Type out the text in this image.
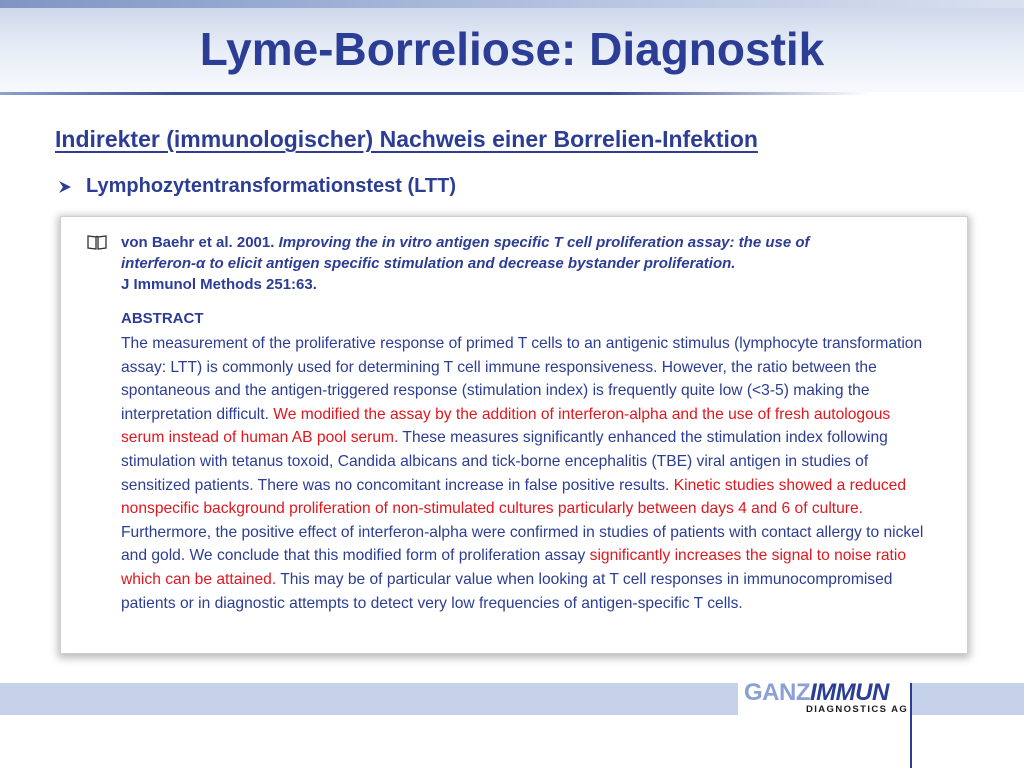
Lyme-Borreliose: Diagnostik
Indirekter (immunologischer) Nachweis einer Borrelien-Infektion
Lymphozytentransformationstest (LTT)
von Baehr et al. 2001. Improving the in vitro antigen specific T cell proliferation assay: the use of
interferon-α to elicit antigen specific stimulation and decrease bystander proliferation.
J Immunol Methods 251:63.
ABSTRACT
The measurement of the proliferative response of primed T cells to an antigenic stimulus (lymphocyte transformation assay: LTT) is commonly used for determining T cell immune responsiveness. However, the ratio between the spontaneous and the antigen-triggered response (stimulation index) is frequently quite low (<3-5) making the interpretation difficult. We modified the assay by the addition of interferon-alpha and the use of fresh autologous serum instead of human AB pool serum. These measures significantly enhanced the stimulation index following stimulation with tetanus toxoid, Candida albicans and tick-borne encephalitis (TBE) viral antigen in studies of sensitized patients. There was no concomitant increase in false positive results. Kinetic studies showed a reduced nonspecific background proliferation of non-stimulated cultures particularly between days 4 and 6 of culture. Furthermore, the positive effect of interferon-alpha were confirmed in studies of patients with contact allergy to nickel and gold. We conclude that this modified form of proliferation assay significantly increases the signal to noise ratio which can be attained. This may be of particular value when looking at T cell responses in immunocompromised patients or in diagnostic attempts to detect very low frequencies of antigen-specific T cells.
GANZIMMUN
DIAGNOSTICS AG
